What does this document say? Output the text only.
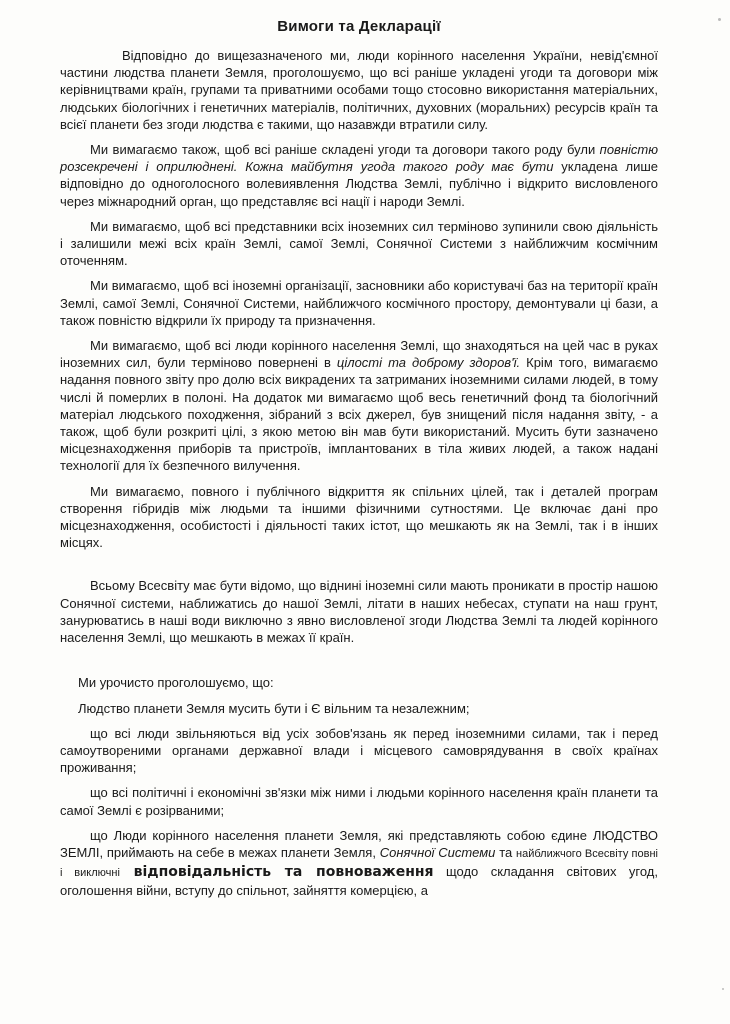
Вимоги та Декларації

Відповідно до вищезазначеного ми, люди корінного населення України, невід'ємної частини людства планети Земля, проголошуємо, що всі раніше укладені угоди та договори між керівництвами країн, групами та приватними особами тощо стосовно використання матеріальних, людських біологічних і генетичних матеріалів, політичних, духовних (моральних) ресурсів країн та всієї планети без згоди людства є такими, що назавжди втратили силу.

Ми вимагаємо також, щоб всі раніше складені угоди та договори такого роду були повністю розсекречені і оприлюднені. Кожна майбутня угода такого роду має бути укладена лише відповідно до одноголосного волевиявлення Людства Землі, публічно і відкрито висловленого через міжнародний орган, що представляє всі нації і народи Землі.

Ми вимагаємо, щоб всі представники всіх іноземних сил терміново зупинили свою діяльність і залишили межі всіх країн Землі, самої Землі, Сонячної Системи з найближчим космічним оточенням.

Ми вимагаємо, щоб всі іноземні організації, засновники або користувачі баз на території країн Землі, самої Землі, Сонячної Системи, найближчого космічного простору, демонтували ці бази, а також повністю відкрили їх природу та призначення.

Ми вимагаємо, щоб всі люди корінного населення Землі, що знаходяться на цей час в руках іноземних сил, були терміново повернені в цілості та доброму здоров'ї. Крім того, вимагаємо надання повного звіту про долю всіх викрадених та затриманих іноземними силами людей, в тому числі й померлих в полоні. На додаток ми вимагаємо щоб весь генетичний фонд та біологічний матеріал людського походження, зібраний з всіх джерел, був знищений після надання звіту, - а також, щоб були розкриті цілі, з якою метою він мав бути використаний. Мусить бути зазначено місцезнаходження приборів та пристроїв, імплантованих в тіла живих людей, а також надані технології для їх безпечного вилучення.

Ми вимагаємо, повного і публічного відкриття як спільних цілей, так і деталей програм створення гібридів між людьми та іншими фізичними сутностями. Це включає дані про місцезнаходження, особистості і діяльності таких істот, що мешкають як на Землі, так і в інших місцях.

Всьому Всесвіту має бути відомо, що віднині іноземні сили мають проникати в простір нашою Сонячної системи, наближатись до нашої Землі, літати в наших небесах, ступати на наш грунт, занурюватись в наші води виключно з явно висловленої згоди Людства Землі та людей корінного населення Землі, що мешкають в межах її країн.

Ми урочисто проголошуємо, що:

Людство планети Земля мусить бути і Є вільним та незалежним;

що всі люди звільняються від усіх зобов'язань як перед іноземними силами, так і перед самоутвореними органами державної влади і місцевого самоврядування в своїх країнах проживання;

що всі політичні і економічні зв'язки між ними і людьми корінного населення країн планети та самої Землі є розірваними;

що Люди корінного населення планети Земля, які представляють собою єдине ЛЮДСТВО ЗЕМЛІ, приймають на себе в межах планети Земля, Сонячної Системи та найближчого Всесвіту повні і виключні відповідальність та повноваження щодо складання світових угод, оголошення війни, вступу до спільнот, зайняття комерцією, а
